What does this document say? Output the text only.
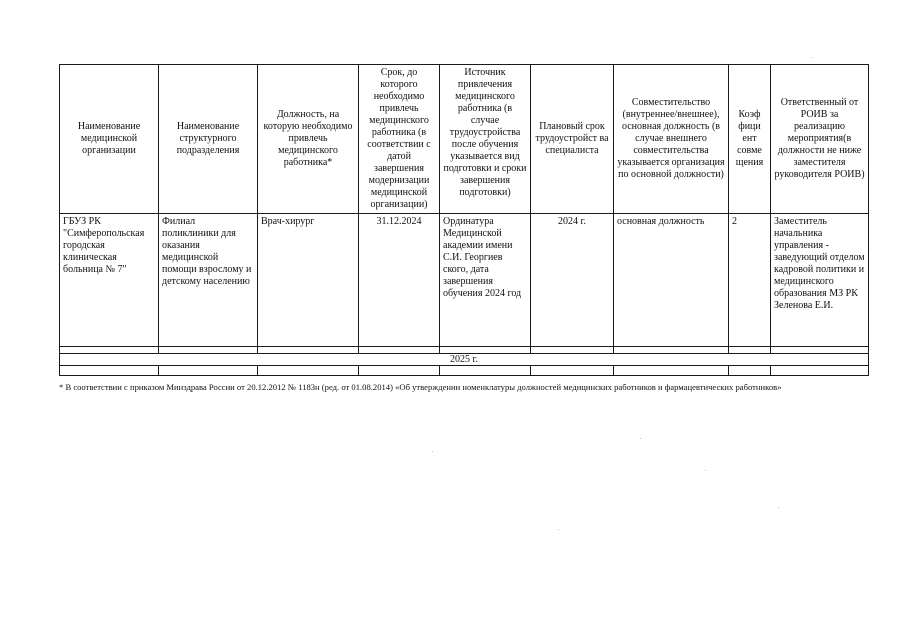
Наименование медицинской организации	Наименование структурного подразделения	Должность, на которую необходимо привлечь медицинского работника*	Срок, до которого необходимо привлечь медицинского работника (в соответствии с датой завершения модернизации медицинской организации)	Источник привлечения медицинского работника (в случае трудоустройства после обучения указывается вид подготовки и сроки завершения подготовки)	Плановый срок трудоустройст ва специалиста	Совместительство (внутреннее/внешнее), основная должность (в случае внешнего совместительства указывается организация по основной должности)	Коэф фици ент совме щения	Ответственный от РОИВ за реализацию мероприятия(в должности не ниже заместителя руководителя РОИВ)
ГБУЗ РК "Симферопольская городская клиническая больница № 7"	Филиал поликлиники для оказания медицинской помощи взрослому и детскому населению	Врач-хирург	31.12.2024	Ординатура Медицинской академии имени С.И. Георгиев ского, дата завершения обучения 2024 год	2024 г.	основная должность	2	Заместитель начальника управления - заведующий отделом кадровой политики и медицинского образования МЗ РК Зеленова Е.И.

2025 г.								

* В соответствии с приказом Минздрава России от 20.12.2012 № 1183н (ред. от 01.08.2014) «Об утверждении номенклатуры должностей медицинских работников и фармацевтических работников»
